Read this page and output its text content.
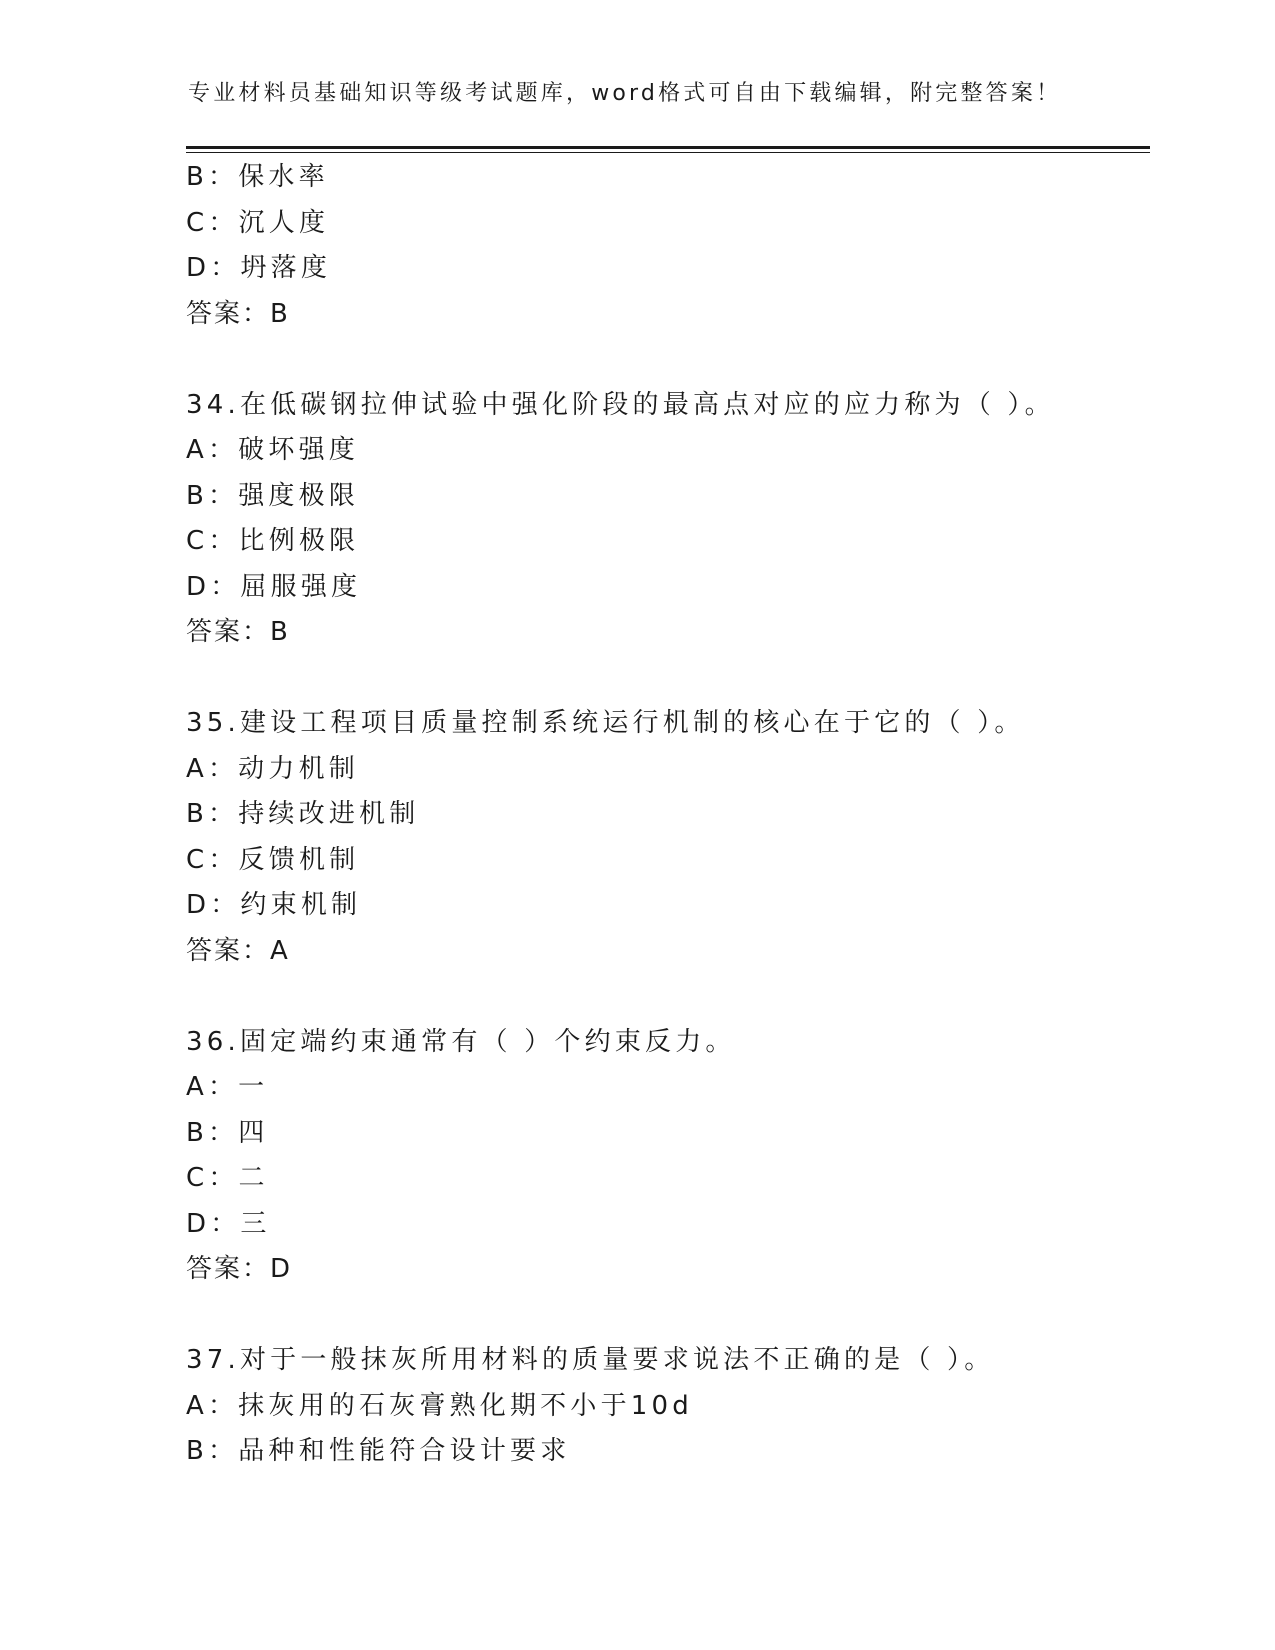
专业材料员基础知识等级考试题库，word格式可自由下载编辑，附完整答案！
B：保水率
C：沉人度
D：坍落度
答案：B
34.在低碳钢拉伸试验中强化阶段的最高点对应的应力称为（ ）。
A：破坏强度
B：强度极限
C：比例极限
D：屈服强度
答案：B
35.建设工程项目质量控制系统运行机制的核心在于它的（ ）。
A：动力机制
B：持续改进机制
C：反馈机制
D：约束机制
答案：A
36.固定端约束通常有（ ）个约束反力。
A：一
B：四
C：二
D：三
答案：D
37.对于一般抹灰所用材料的质量要求说法不正确的是（ ）。
A：抹灰用的石灰膏熟化期不小于10d
B：品种和性能符合设计要求
